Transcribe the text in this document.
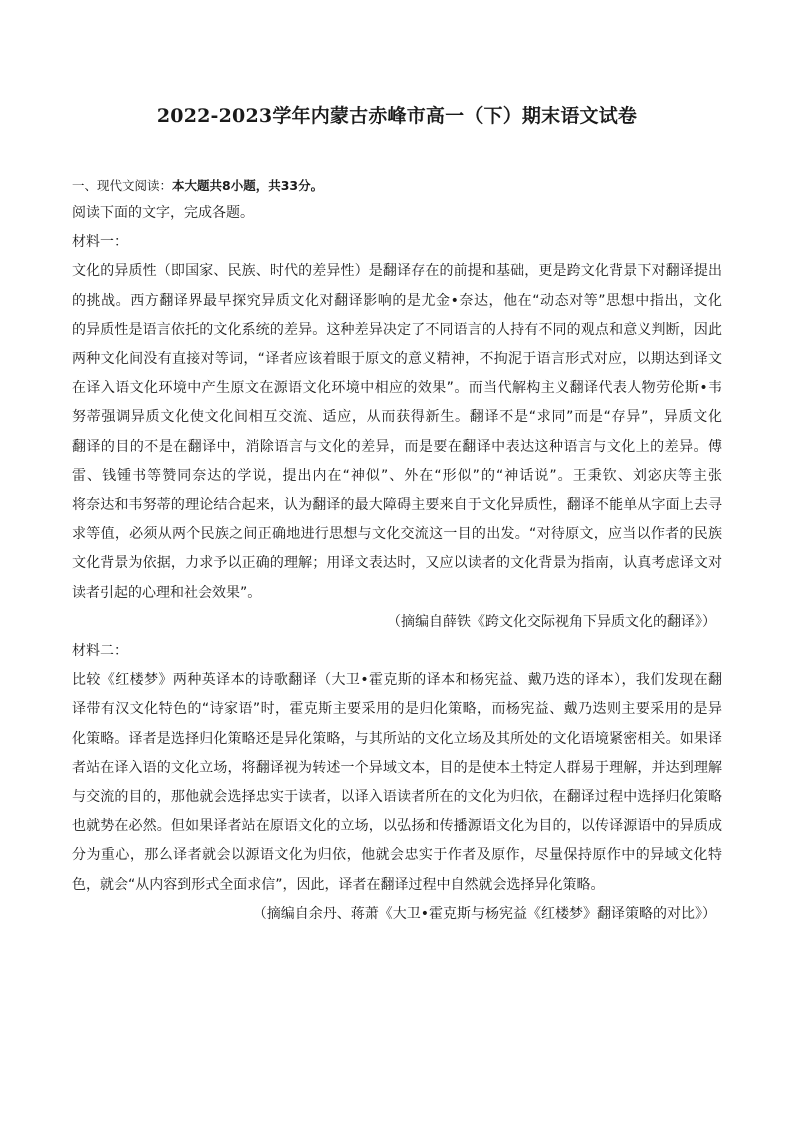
2022-2023学年内蒙古赤峰市高一（下）期末语文试卷
一、现代文阅读：本大题共8小题，共33分。
阅读下面的文字，完成各题。
材料一：
文化的异质性（即国家、民族、时代的差异性）是翻译存在的前提和基础，更是跨文化背景下对翻译提出
的挑战。西方翻译界最早探究异质文化对翻译影响的是尤金•奈达，他在“动态对等”思想中指出，文化
的异质性是语言依托的文化系统的差异。这种差异决定了不同语言的人持有不同的观点和意义判断，因此
两种文化间没有直接对等词，“译者应该着眼于原文的意义精神，不拘泥于语言形式对应，以期达到译文
在译入语文化环境中产生原文在源语文化环境中相应的效果”。而当代解构主义翻译代表人物劳伦斯•韦
努蒂强调异质文化使文化间相互交流、适应，从而获得新生。翻译不是“求同”而是“存异”，异质文化
翻译的目的不是在翻译中，消除语言与文化的差异，而是要在翻译中表达这种语言与文化上的差异。傅
雷、钱锺书等赞同奈达的学说，提出内在“神似”、外在“形似”的“神话说”。王秉钦、刘宓庆等主张
将奈达和韦努蒂的理论结合起来，认为翻译的最大障碍主要来自于文化异质性，翻译不能单从字面上去寻
求等值，必须从两个民族之间正确地进行思想与文化交流这一目的出发。“对待原文，应当以作者的民族
文化背景为依据，力求予以正确的理解；用译文表达时，又应以读者的文化背景为指南，认真考虑译文对
读者引起的心理和社会效果”。
（摘编自薛铁《跨文化交际视角下异质文化的翻译》）
材料二：
比较《红楼梦》两种英译本的诗歌翻译（大卫•霍克斯的译本和杨宪益、戴乃迭的译本），我们发现在翻
译带有汉文化特色的“诗家语”时，霍克斯主要采用的是归化策略，而杨宪益、戴乃迭则主要采用的是异
化策略。译者是选择归化策略还是异化策略，与其所站的文化立场及其所处的文化语境紧密相关。如果译
者站在译入语的文化立场，将翻译视为转述一个异域文本，目的是使本土特定人群易于理解，并达到理解
与交流的目的，那他就会选择忠实于读者，以译入语读者所在的文化为归依，在翻译过程中选择归化策略
也就势在必然。但如果译者站在原语文化的立场，以弘扬和传播源语文化为目的，以传译源语中的异质成
分为重心，那么译者就会以源语文化为归依，他就会忠实于作者及原作，尽量保持原作中的异域文化特
色，就会“从内容到形式全面求信”，因此，译者在翻译过程中自然就会选择异化策略。
（摘编自余丹、蒋萧《大卫•霍克斯与杨宪益《红楼梦》翻译策略的对比》）
